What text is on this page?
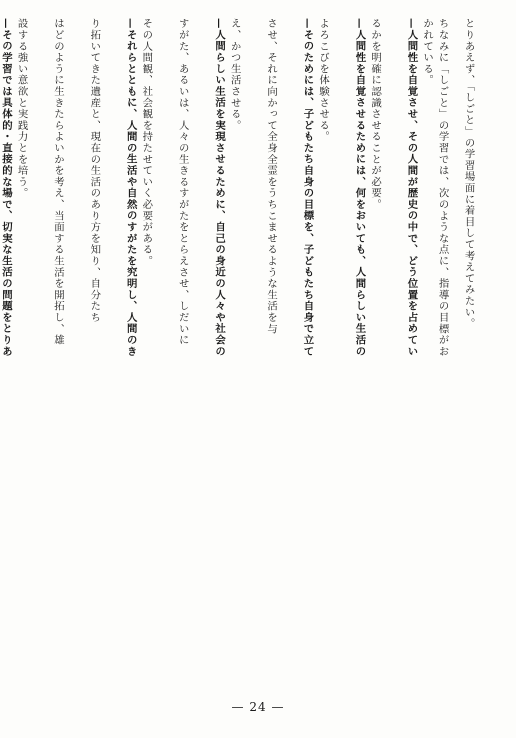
とりあえず、「しごと」の学習場面に着目して考えてみたい。
ちなみに「しごと」の学習では、次のような点に、指導の目標がお
かれている。
—人間性を自覚させ、その人間が歴史の中で、どう位置を占めてい
るかを明確に認識させることが必要。
—人間性を自覚させるためには、何をおいても、人間らしい生活の
よろこびを体験させる。
—そのためには、子どもたち自身の目標を、子どもたち自身で立て
させ、それに向かって全身全霊をうちこませるような生活を与
え、かつ生活させる。
—人間らしい生活を実現させるために、自己の身近の人々や社会の
すがた、あるいは、人々の生きるすがたをとらえさせ、しだいに
その人間観、社会観を持たせていく必要がある。
—それらとともに、人間の生活や自然のすがたを究明し、人間のき
り拓いてきた遺産と、現在の生活のあり方を知り、自分たち
はどのように生きたらよいかを考え、当面する生活を開拓し、雄
設する強い意欲と実践力とを培う。
—その学習では具体的・直接的な場で、切実な生活の問題をとりあ
— 24 —
